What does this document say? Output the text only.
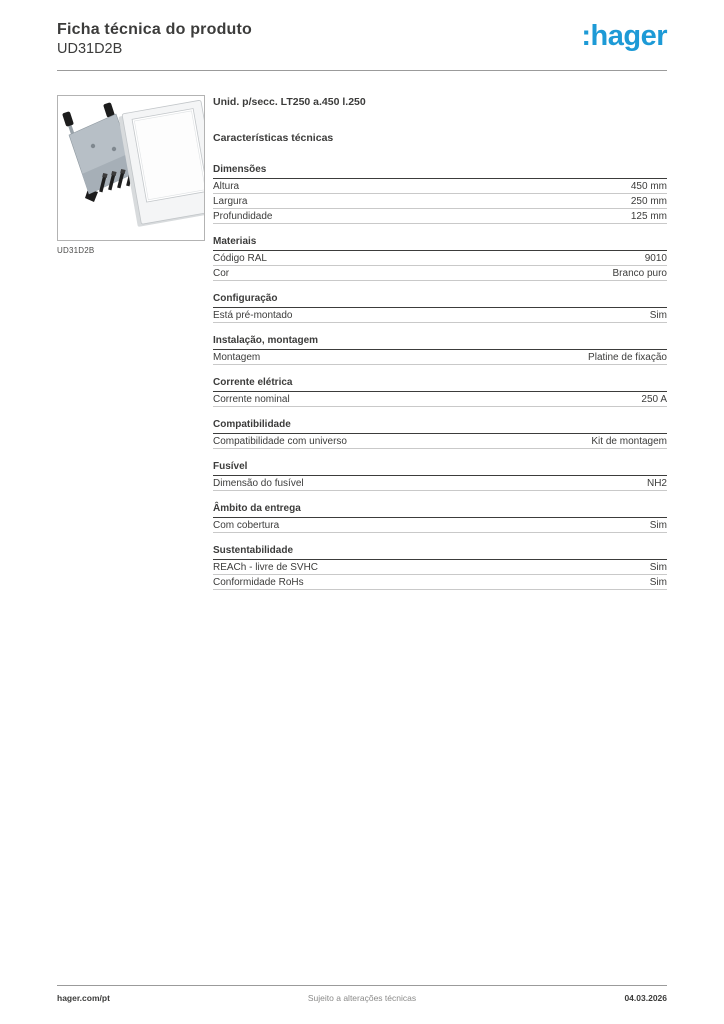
Ficha técnica do produto
UD31D2B	:hager
UD31D2B
Unid. p/secc. LT250 a.450 l.250
Características técnicas
Dimensões
Altura	450 mm
Largura	250 mm
Profundidade	125 mm
Materiais
Código RAL	9010
Cor	Branco puro
Configuração
Está pré-montado	Sim
Instalação, montagem
Montagem	Platine de fixação
Corrente elétrica
Corrente nominal	250 A
Compatibilidade
Compatibilidade com universo	Kit de montagem
Fusível
Dimensão do fusível	NH2
Âmbito da entrega
Com cobertura	Sim
Sustentabilidade
REACh - livre de SVHC	Sim
Conformidade RoHs	Sim
hager.com/pt	Sujeito a alterações técnicas	04.03.2026
